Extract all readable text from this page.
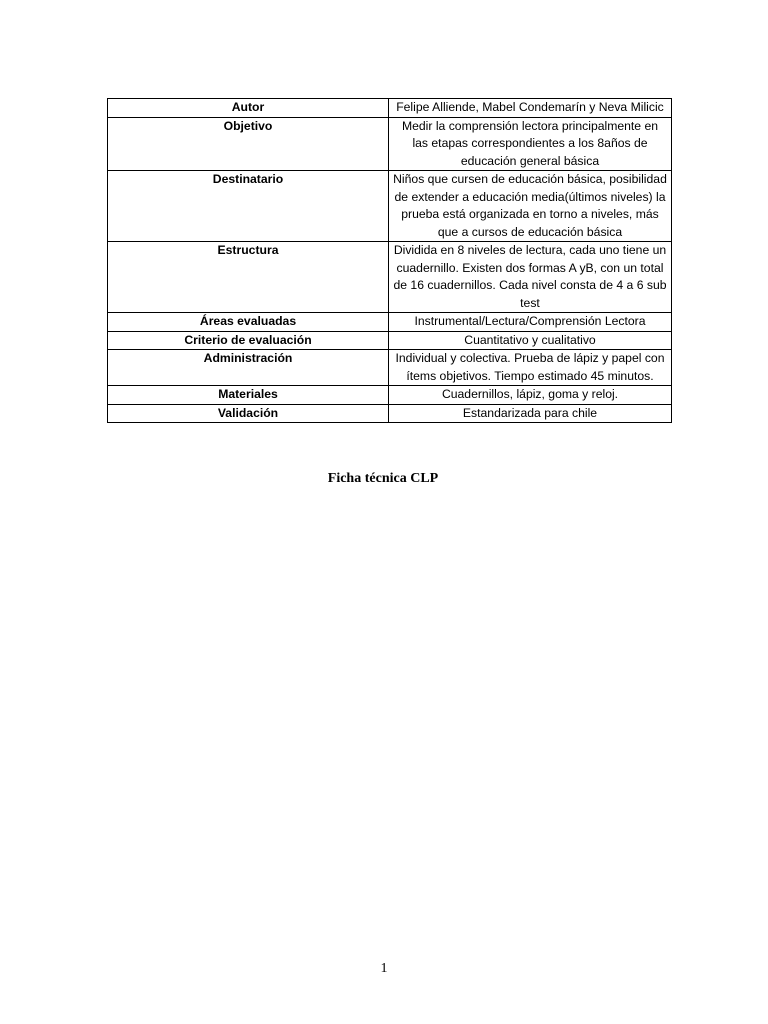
Autor	Felipe Alliende, Mabel Condemarín y Neva Milicic
Objetivo	Medir la comprensión lectora principalmente en las etapas correspondientes a los 8años de educación general básica
Destinatario	Niños que cursen de educación básica, posibilidad de extender a educación media(últimos niveles) la prueba está organizada en torno a niveles, más que a cursos de educación básica
Estructura	Dividida en 8 niveles de lectura, cada uno tiene un cuadernillo. Existen dos formas A yB, con un total de 16 cuadernillos. Cada nivel consta de 4 a 6 sub test
Áreas evaluadas	Instrumental/Lectura/Comprensión Lectora
Criterio de evaluación	Cuantitativo y cualitativo
Administración	Individual y colectiva. Prueba de lápiz y papel con ítems objetivos. Tiempo estimado 45 minutos.
Materiales	Cuadernillos, lápiz, goma y reloj.
Validación	Estandarizada para chile
Ficha técnica CLP
1
